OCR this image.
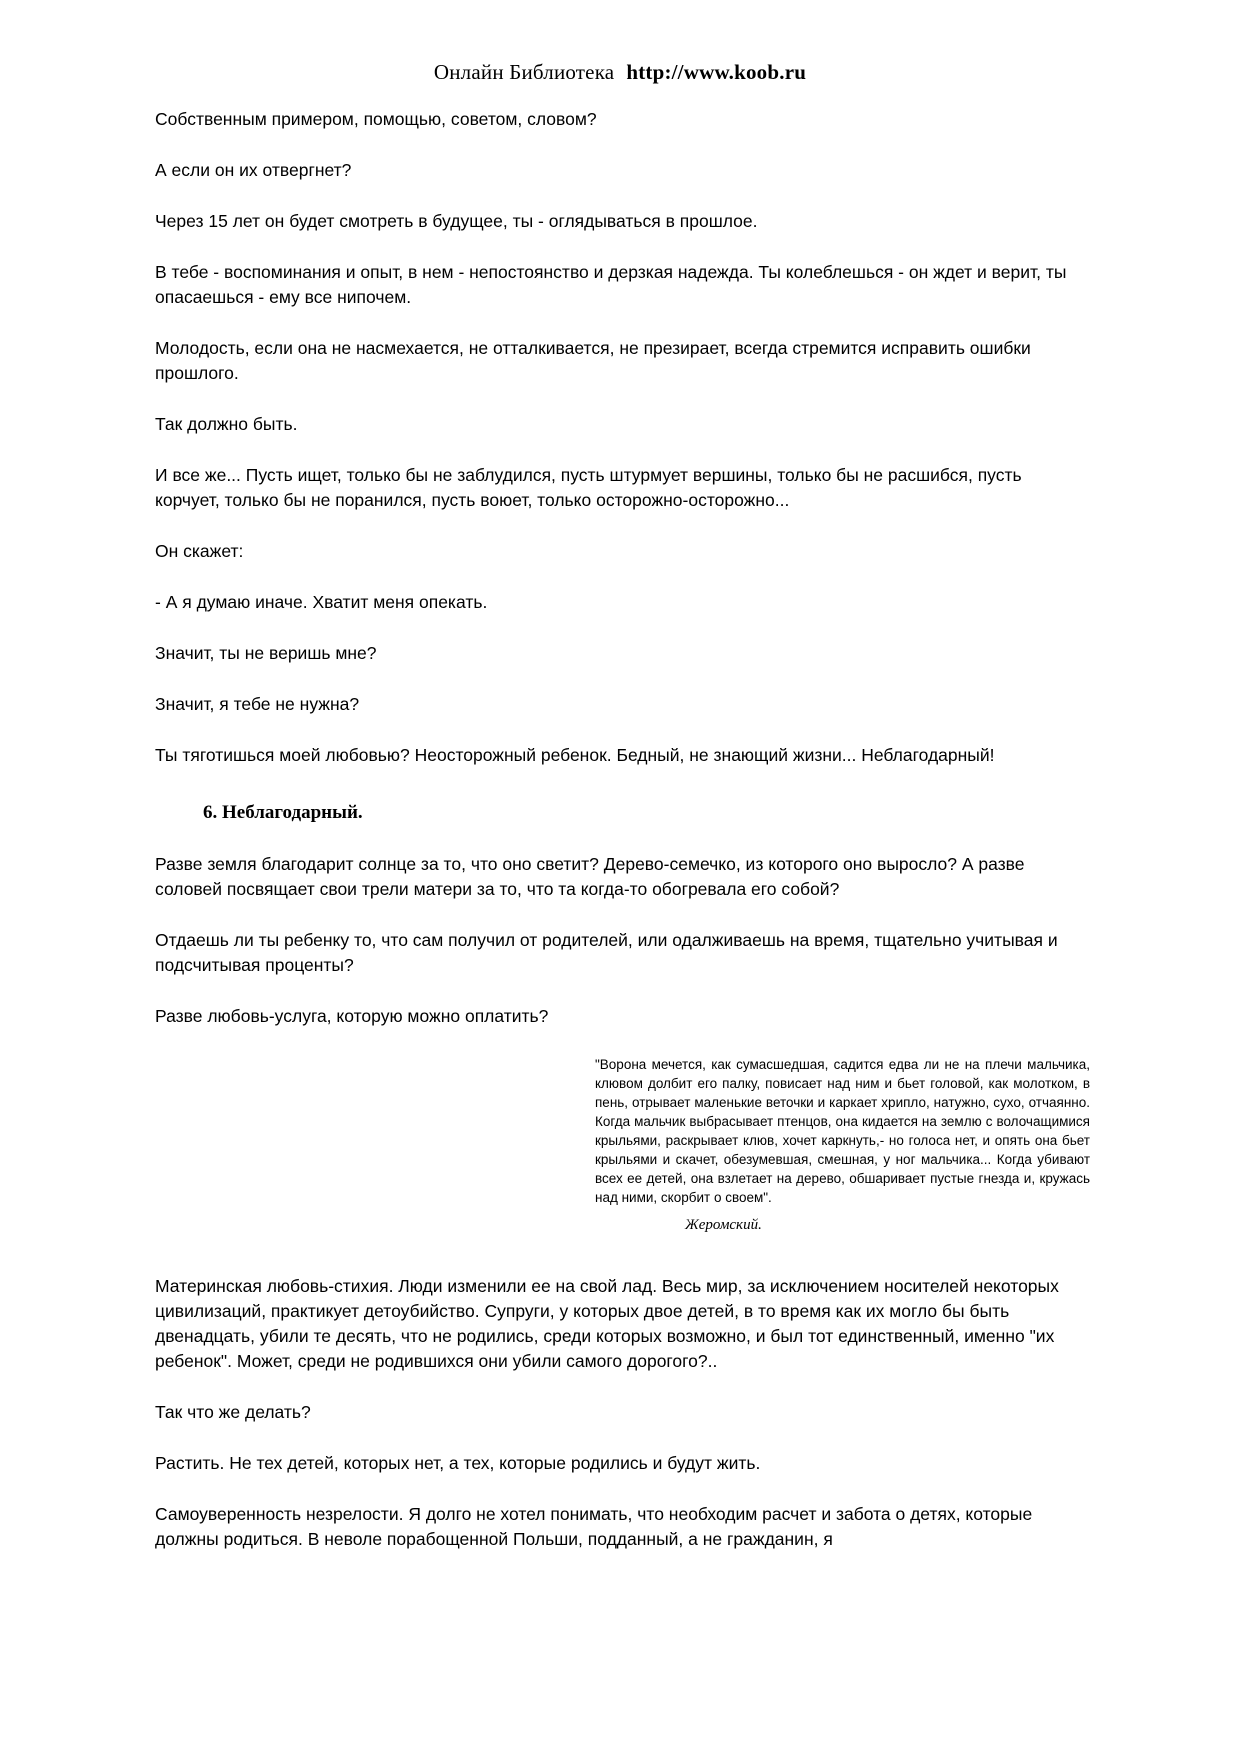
Онлайн Библиотека http://www.koob.ru

Собственным примером, помощью, советом, словом?

А если он их отвергнет?

Через 15 лет он будет смотреть в будущее, ты - оглядываться в прошлое.

В тебе - воспоминания и опыт, в нем - непостоянство и дерзкая надежда. Ты колеблешься - он ждет и верит, ты опасаешься - ему все нипочем.

Молодость, если она не насмехается, не отталкивается, не презирает, всегда стремится исправить ошибки прошлого.

Так должно быть.

И все же... Пусть ищет, только бы не заблудился, пусть штурмует вершины, только бы не расшибся, пусть корчует, только бы не поранился, пусть воюет, только осторожно-осторожно...

Он скажет:

- А я думаю иначе. Хватит меня опекать.

Значит, ты не веришь мне?

Значит, я тебе не нужна?

Ты тяготишься моей любовью? Неосторожный ребенок. Бедный, не знающий жизни... Неблагодарный!

6. Неблагодарный.

Разве земля благодарит солнце за то, что оно светит? Дерево-семечко, из которого оно выросло? А разве соловей посвящает свои трели матери за то, что та когда-то обогревала его собой?

Отдаешь ли ты ребенку то, что сам получил от родителей, или одалживаешь на время, тщательно учитывая и подсчитывая проценты?

Разве любовь-услуга, которую можно оплатить?

"Ворона мечется, как сумасшедшая, садится едва ли не на плечи мальчика, клювом долбит его палку, повисает над ним и бьет головой, как молотком, в пень, отрывает маленькие веточки и каркает хрипло, натужно, сухо, отчаянно. Когда мальчик выбрасывает птенцов, она кидается на землю с волочащимися крыльями, раскрывает клюв, хочет каркнуть,- но голоса нет, и опять она бьет крыльями и скачет, обезумевшая, смешная, у ног мальчика... Когда убивают всех ее детей, она взлетает на дерево, обшаривает пустые гнезда и, кружась над ними, скорбит о своем".

Жеромский.

Материнская любовь-стихия. Люди изменили ее на свой лад. Весь мир, за исключением носителей некоторых цивилизаций, практикует детоубийство. Супруги, у которых двое детей, в то время как их могло бы быть двенадцать, убили те десять, что не родились, среди которых возможно, и был тот единственный, именно "их ребенок". Может, среди не родившихся они убили самого дорогого?..

Так что же делать?

Растить. Не тех детей, которых нет, а тех, которые родились и будут жить.

Самоуверенность незрелости. Я долго не хотел понимать, что необходим расчет и забота о детях, которые должны родиться. В неволе порабощенной Польши, подданный, а не гражданин, я
